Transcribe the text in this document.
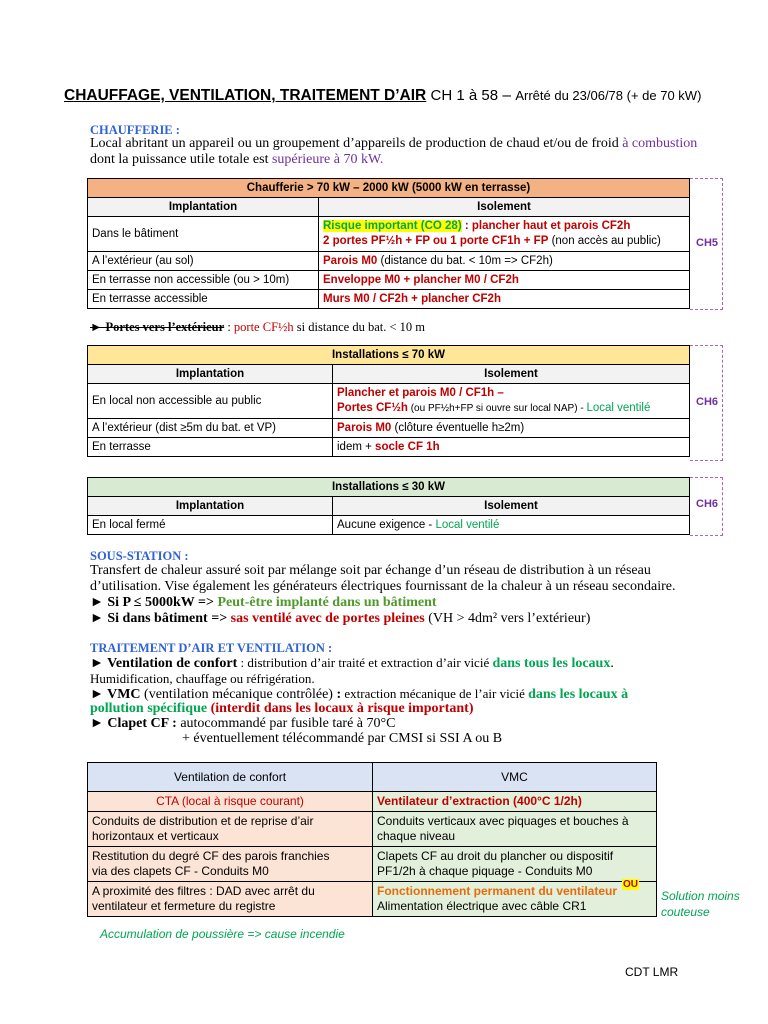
CHAUFFAGE, VENTILATION, TRAITEMENT D’AIR CH 1 à 58 – Arrêté du 23/06/78 (+ de 70 kW)
CHAUFFERIE :
Local abritant un appareil ou un groupement d’appareils de production de chaud et/ou de froid à combustion
dont la puissance utile totale est supérieure à 70 kW.
Chaufferie > 70 kW – 2000 kW (5000 kW en terrasse)	
Implantation	Isolement
Dans le bâtiment	Risque important (CO 28) : plancher haut et parois CF2h
2 portes PF½h + FP ou 1 porte CF1h + FP (non accès au public)
A l’extérieur (au sol)	Parois M0 (distance du bat. < 10m => CF2h)
En terrasse non accessible (ou > 10m)	Enveloppe M0 + plancher M0 / CF2h
En terrasse accessible	Murs M0 / CF2h + plancher CF2h
CH5
► Portes vers l’extérieur : porte CF½h si distance du bat. < 10 m
Installations ≤ 70 kW	
Implantation	Isolement
En local non accessible au public	Plancher et parois M0 / CF1h –
Portes CF½h (ou PF½h+FP si ouvre sur local NAP) - Local ventilé
A l’extérieur (dist ≥5m du bat. et VP)	Parois M0 (clôture éventuelle h≥2m)
En terrasse	idem + socle CF 1h
CH6
Installations ≤ 30 kW	
Implantation	Isolement
En local fermé	Aucune exigence - Local ventilé
CH6
SOUS-STATION :
Transfert de chaleur assuré soit par mélange soit par échange d’un réseau de distribution à un réseau
d’utilisation. Vise également les générateurs électriques fournissant de la chaleur à un réseau secondaire.
► Si P ≤ 5000kW => Peut-être implanté dans un bâtiment
► Si dans bâtiment => sas ventilé avec de portes pleines (VH > 4dm² vers l’extérieur)
TRAITEMENT D’AIR ET VENTILATION :
► Ventilation de confort : distribution d’air traité et extraction d’air vicié dans tous les locaux.
Humidification, chauffage ou réfrigération.
► VMC (ventilation mécanique contrôlée) : extraction mécanique de l’air vicié dans les locaux à
pollution spécifique (interdit dans les locaux à risque important)
► Clapet CF : autocommandé par fusible taré à 70°C
+ éventuellement télécommandé par CMSI si SSI A ou B
Ventilation de confort	VMC
CTA (local à risque courant)	Ventilateur d’extraction (400°C 1/2h)
Conduits de distribution et de reprise d’air
horizontaux et verticaux	Conduits verticaux avec piquages et bouches à
chaque niveau
Restitution du degré CF des parois franchies
via des clapets CF - Conduits M0	Clapets CF au droit du plancher ou dispositif
PF1/2h à chaque piquage - Conduits M0
A proximité des filtres : DAD avec arrêt du
ventilateur et fermeture du registre	Fonctionnement permanent du ventilateur
Alimentation électrique avec câble CR1
OU
Solution moins
couteuse
Accumulation de poussière => cause incendie
CDT LMR
